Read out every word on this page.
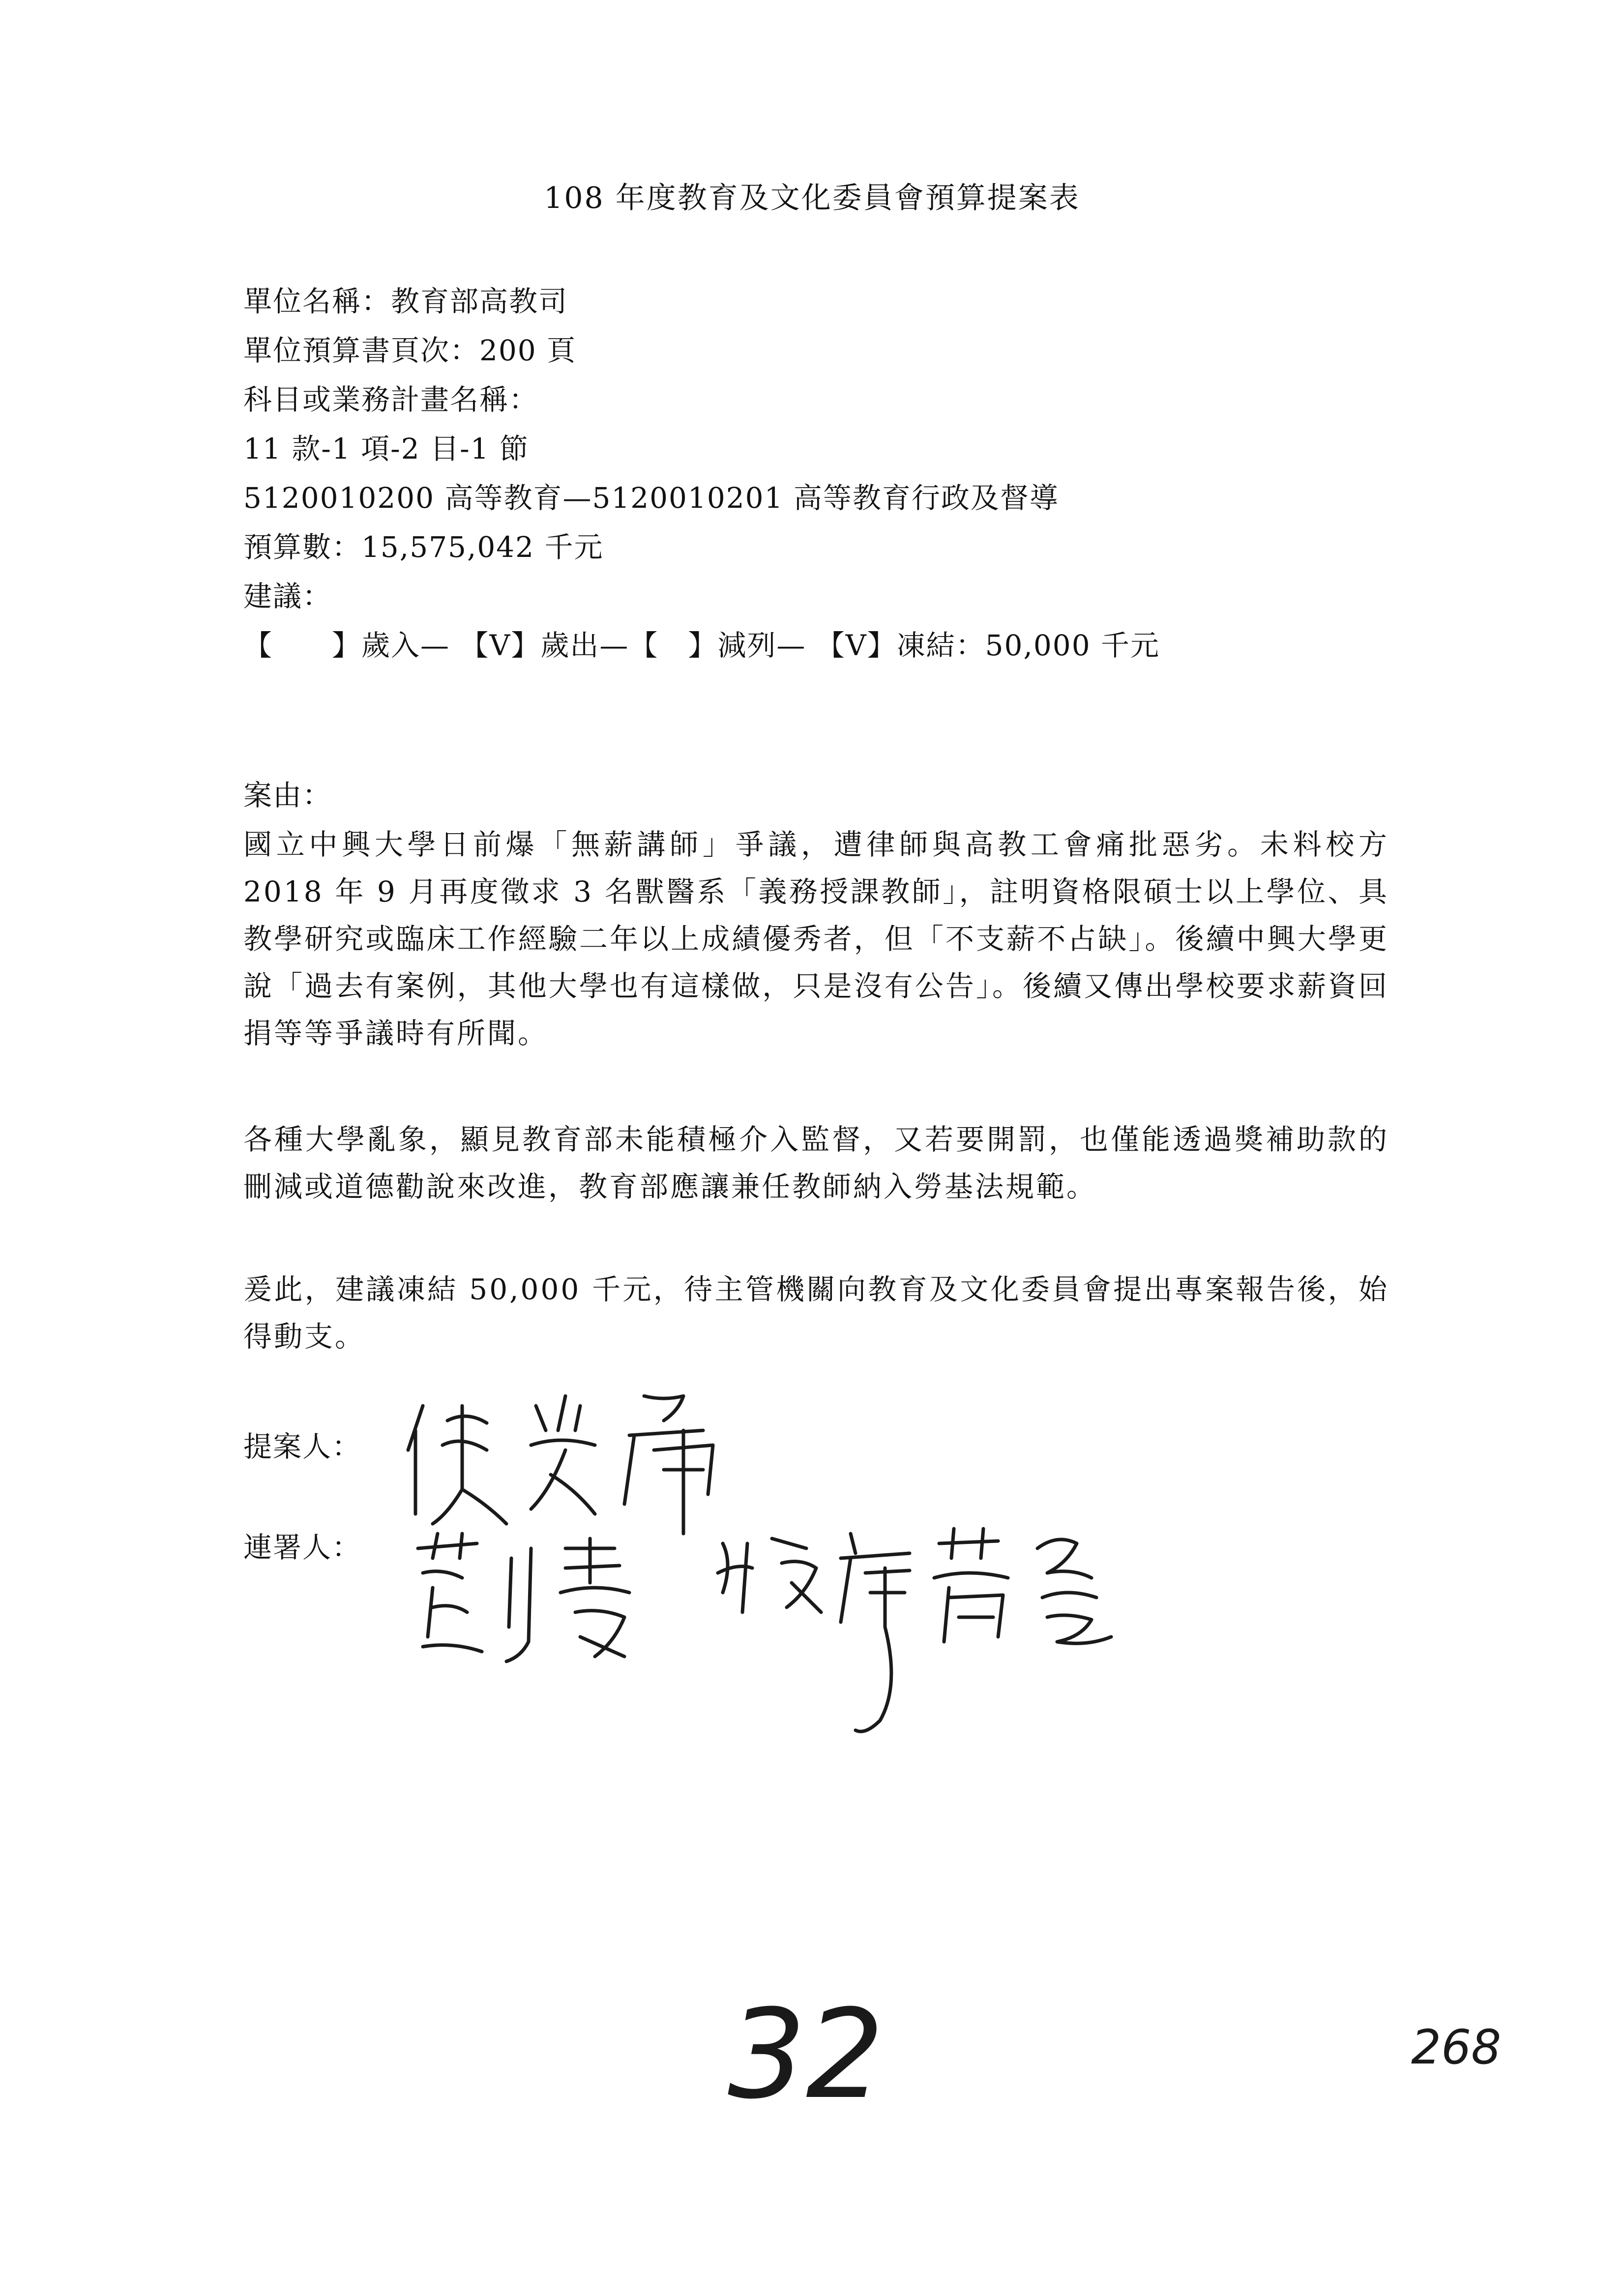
108 年度教育及文化委員會預算提案表
單位名稱：教育部高教司
單位預算書頁次：200 頁
科目或業務計畫名稱：
11 款-1 項-2 目-1 節
5120010200 高等教育—5120010201 高等教育行政及督導
預算數：15,575,042 千元
建議：
【　　】歲入— 【V】歲出—【　】減列— 【V】凍結：50,000 千元
案由：
國立中興大學日前爆「無薪講師」爭議，遭律師與高教工會痛批惡劣。未料校方2018 年 9 月再度徵求 3 名獸醫系「義務授課教師」，註明資格限碩士以上學位、具教學研究或臨床工作經驗二年以上成績優秀者，但「不支薪不占缺」。後續中興大學更說「過去有案例，其他大學也有這樣做，只是沒有公告」。後續又傳出學校要求薪資回捐等等爭議時有所聞。
各種大學亂象，顯見教育部未能積極介入監督，又若要開罰，也僅能透過獎補助款的刪減或道德勸說來改進，教育部應讓兼任教師納入勞基法規範。
爰此，建議凍結 50,000 千元，待主管機關向教育及文化委員會提出專案報告後，始得動支。
提案人：
連署人：
32	268
